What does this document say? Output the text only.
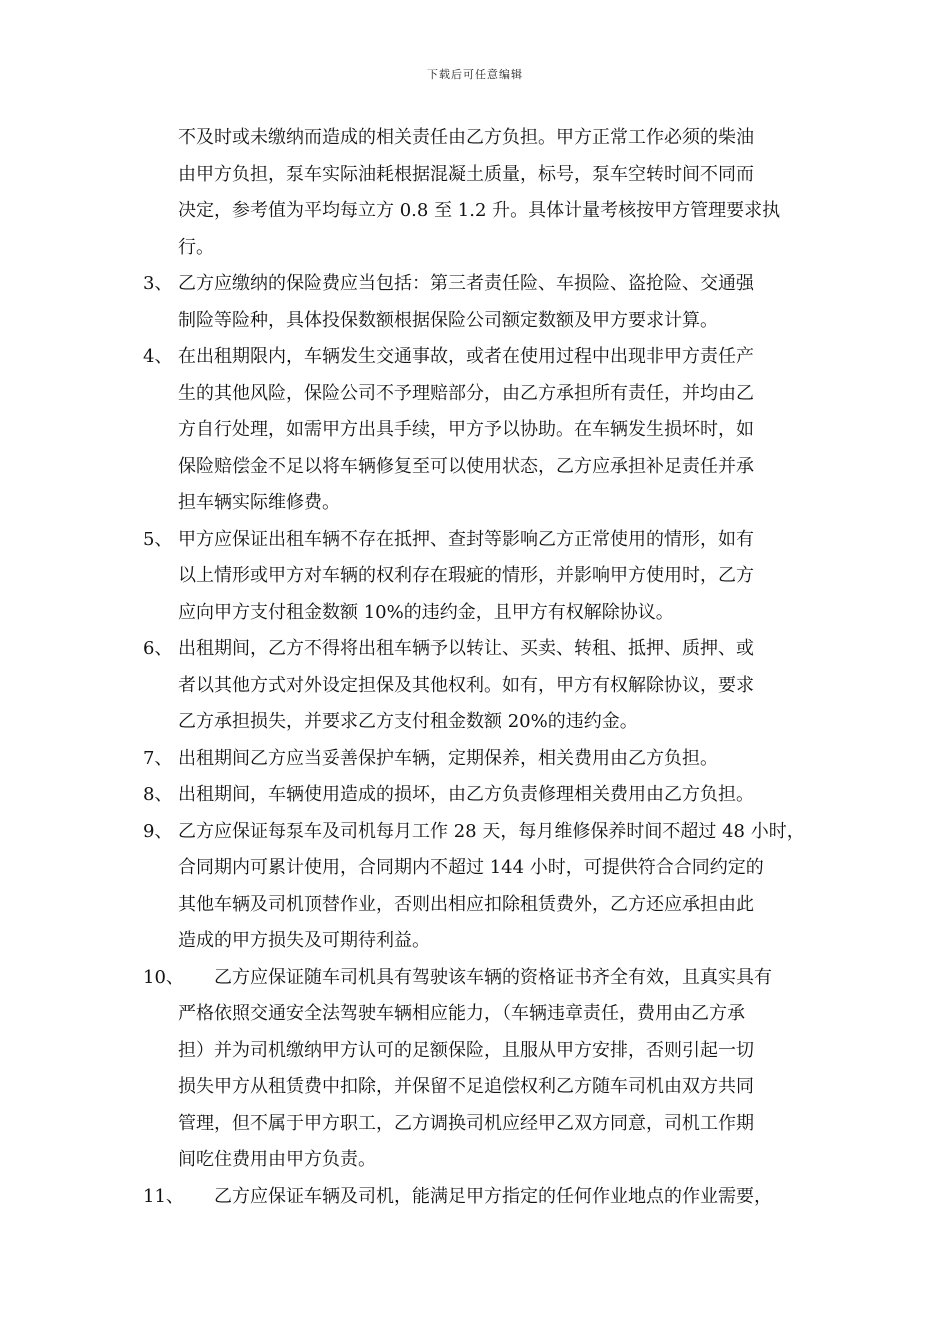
下载后可任意编辑
不及时或未缴纳而造成的相关责任由乙方负担。甲方正常工作必须的柴油
由甲方负担，泵车实际油耗根据混凝土质量，标号，泵车空转时间不同而
决定，参考值为平均每立方 0.8 至 1.2 升。具体计量考核按甲方管理要求执
行。
3、 乙方应缴纳的保险费应当包括：第三者责任险、车损险、盗抢险、交通强
制险等险种，具体投保数额根据保险公司额定数额及甲方要求计算。
4、 在出租期限内，车辆发生交通事故，或者在使用过程中出现非甲方责任产
生的其他风险，保险公司不予理赔部分，由乙方承担所有责任，并均由乙
方自行处理，如需甲方出具手续，甲方予以协助。在车辆发生损坏时，如
保险赔偿金不足以将车辆修复至可以使用状态，乙方应承担补足责任并承
担车辆实际维修费。
5、 甲方应保证出租车辆不存在抵押、查封等影响乙方正常使用的情形，如有
以上情形或甲方对车辆的权利存在瑕疵的情形，并影响甲方使用时，乙方
应向甲方支付租金数额 10%的违约金，且甲方有权解除协议。
6、 出租期间，乙方不得将出租车辆予以转让、买卖、转租、抵押、质押、或
者以其他方式对外设定担保及其他权利。如有，甲方有权解除协议，要求
乙方承担损失，并要求乙方支付租金数额 20%的违约金。
7、 出租期间乙方应当妥善保护车辆，定期保养，相关费用由乙方负担。
8、 出租期间，车辆使用造成的损坏，由乙方负责修理相关费用由乙方负担。
9、 乙方应保证每泵车及司机每月工作 28 天，每月维修保养时间不超过 48 小时，
合同期内可累计使用，合同期内不超过 144 小时，可提供符合合同约定的
其他车辆及司机顶替作业，否则出相应扣除租赁费外，乙方还应承担由此
造成的甲方损失及可期待利益。
10、	乙方应保证随车司机具有驾驶该车辆的资格证书齐全有效，且真实具有
严格依照交通安全法驾驶车辆相应能力，（车辆违章责任，费用由乙方承
担）并为司机缴纳甲方认可的足额保险，且服从甲方安排，否则引起一切
损失甲方从租赁费中扣除，并保留不足追偿权利乙方随车司机由双方共同
管理，但不属于甲方职工，乙方调换司机应经甲乙双方同意，司机工作期
间吃住费用由甲方负责。
11、	乙方应保证车辆及司机，能满足甲方指定的任何作业地点的作业需要，
